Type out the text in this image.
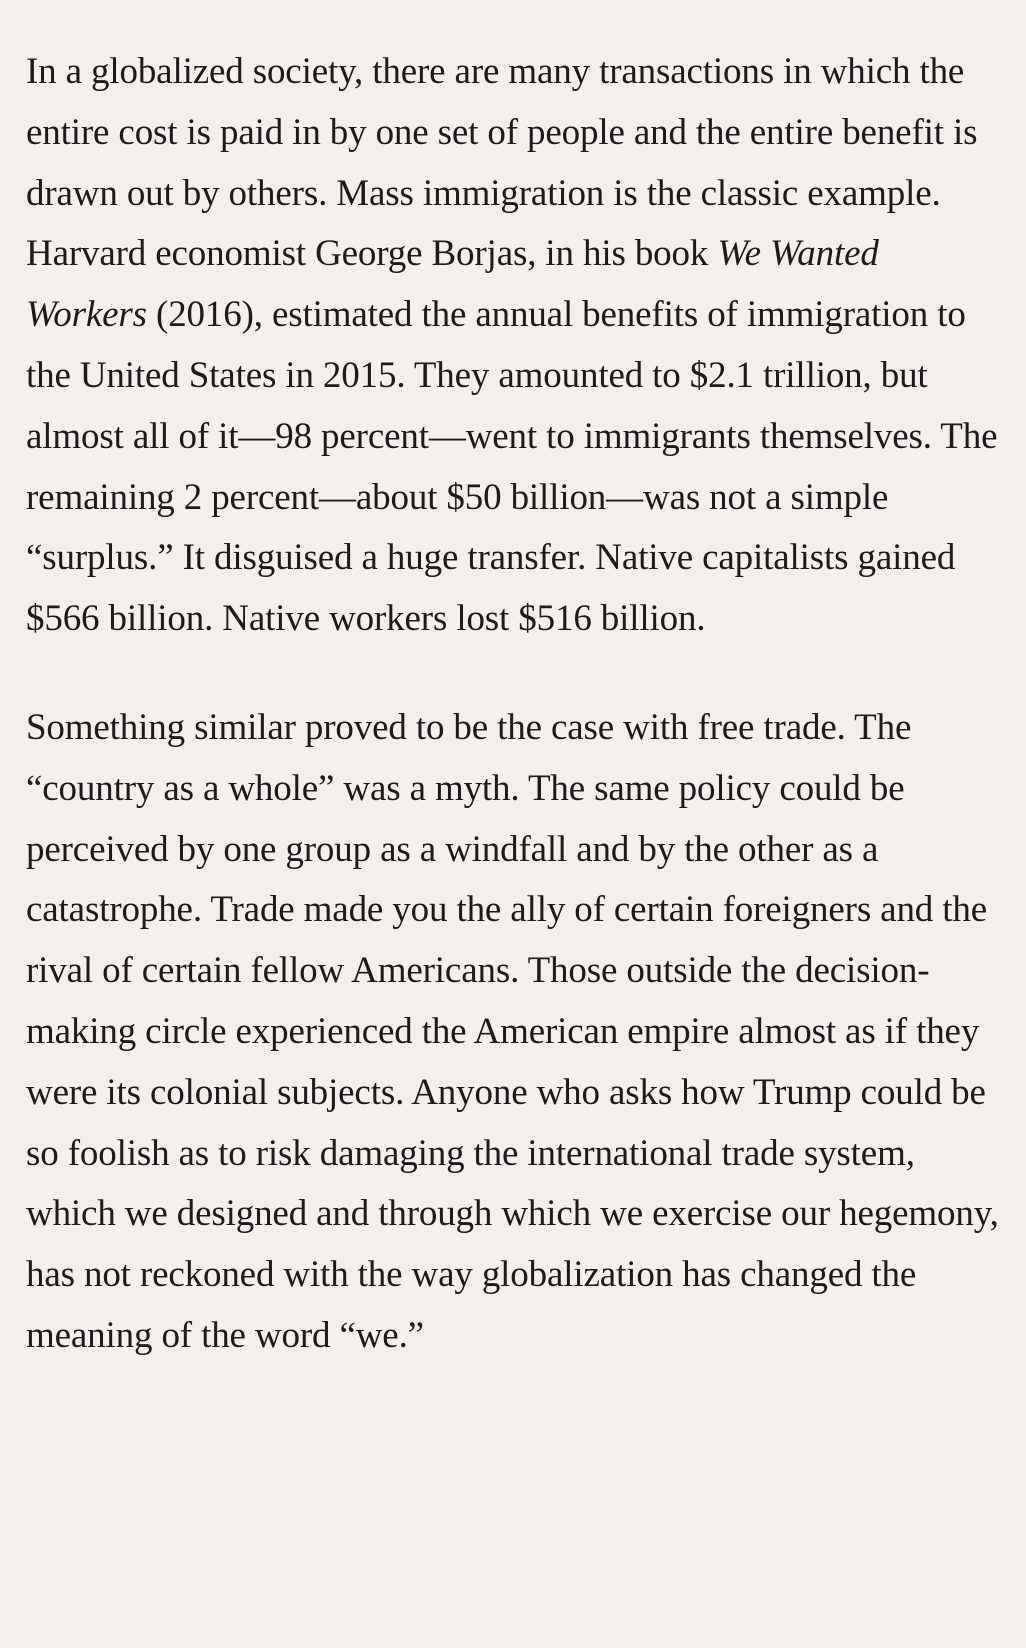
In a globalized society, there are many transactions in which the entire cost is paid in by one set of people and the entire benefit is drawn out by others. Mass immigration is the classic example. Harvard economist George Borjas, in his book We Wanted Workers (2016), estimated the annual benefits of immigration to the United States in 2015. They amounted to $2.1 trillion, but almost all of it—98 percent—went to immigrants themselves. The remaining 2 percent—about $50 billion—was not a simple “surplus.” It disguised a huge transfer. Native capitalists gained $566 billion. Native workers lost $516 billion.

Something similar proved to be the case with free trade. The “country as a whole” was a myth. The same policy could be perceived by one group as a windfall and by the other as a catastrophe. Trade made you the ally of certain foreigners and the rival of certain fellow Americans. Those outside the decision-making circle experienced the American empire almost as if they were its colonial subjects. Anyone who asks how Trump could be so foolish as to risk damaging the international trade system, which we designed and through which we exercise our hegemony, has not reckoned with the way globalization has changed the meaning of the word “we.”
